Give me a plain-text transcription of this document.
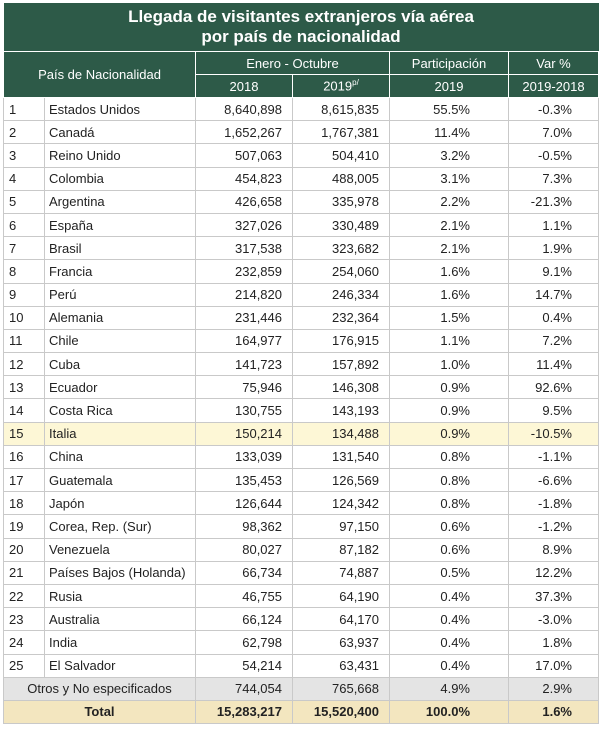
Llegada de visitantes extranjeros vía aérea
por país de nacionalidad					

País de Nacionalidad		Enero - Octubre		Participación	Var %
		2018	$2019^{p/}$	2019	2019-2018
1	Estados Unidos	8,640,898	8,615,835	55.5%	-0.3%
2	Canadá	1,652,267	1,767,381	11.4%	7.0%
3	Reino Unido	507,063	504,410	3.2%	-0.5%
4	Colombia	454,823	488,005	3.1%	7.3%
5	Argentina	426,658	335,978	2.2%	-21.3%
6	España	327,026	330,489	2.1%	1.1%
7	Brasil	317,538	323,682	2.1%	1.9%
8	Francia	232,859	254,060	1.6%	9.1%
9	Perú	214,820	246,334	1.6%	14.7%
10	Alemania	231,446	232,364	1.5%	0.4%
11	Chile	164,977	176,915	1.1%	7.2%
12	Cuba	141,723	157,892	1.0%	11.4%
13	Ecuador	75,946	146,308	0.9%	92.6%
14	Costa Rica	130,755	143,193	0.9%	9.5%
15	Italia	150,214	134,488	0.9%	-10.5%
16	China	133,039	131,540	0.8%	-1.1%
17	Guatemala	135,453	126,569	0.8%	-6.6%
18	Japón	126,644	124,342	0.8%	-1.8%
19	Corea, Rep. (Sur)	98,362	97,150	0.6%	-1.2%
20	Venezuela	80,027	87,182	0.6%	8.9%
21	Países Bajos (Holanda)	66,734	74,887	0.5%	12.2%
22	Rusia	46,755	64,190	0.4%	37.3%
23	Australia	66,124	64,170	0.4%	-3.0%
24	India	62,798	63,937	0.4%	1.8%
25	El Salvador	54,214	63,431	0.4%	17.0%
Otros y No especificados		744,054	765,668	4.9%	2.9%
Total		15,283,217	15,520,400	100.0%	1.6%
